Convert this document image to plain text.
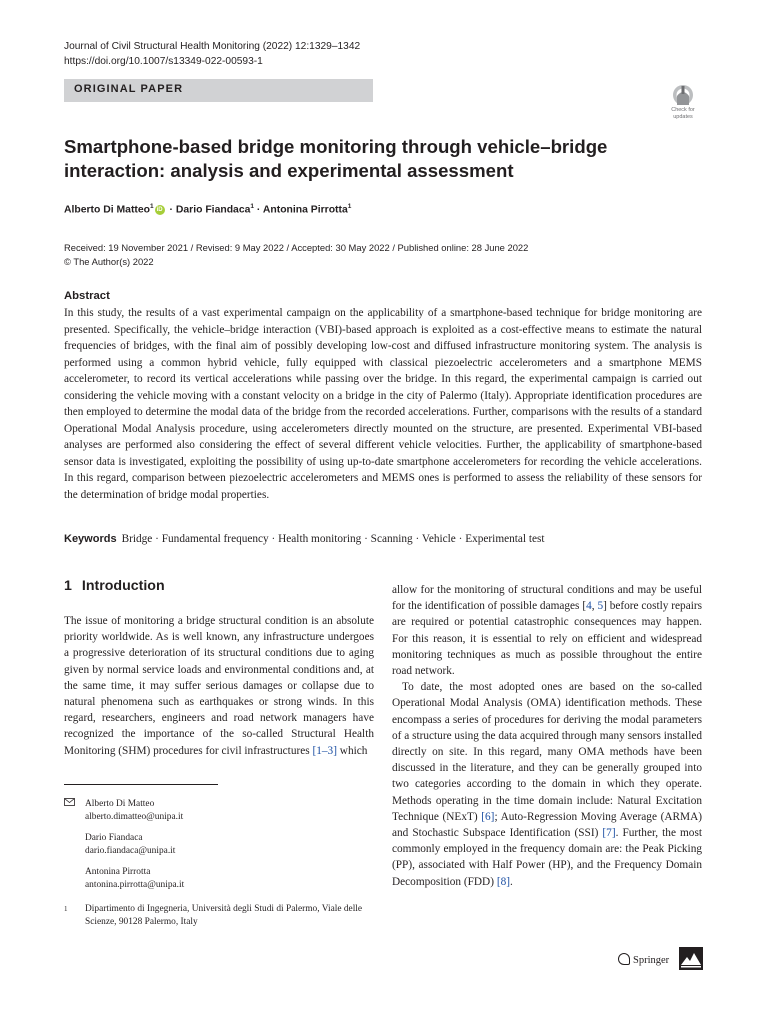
Journal of Civil Structural Health Monitoring (2022) 12:1329–1342
https://doi.org/10.1007/s13349-022-00593-1
ORIGINAL PAPER
Check for
updates
Smartphone-based bridge monitoring through vehicle–bridge
interaction: analysis and experimental assessment
Alberto Di Matteo$^1$iD · Dario Fiandaca$^1$ · Antonina Pirrotta$^1$
Received: 19 November 2021 / Revised: 9 May 2022 / Accepted: 30 May 2022 / Published online: 28 June 2022
© The Author(s) 2022
Abstract
In this study, the results of a vast experimental campaign on the applicability of a smartphone-based technique for bridge monitoring are presented. Specifically, the vehicle–bridge interaction (VBI)-based approach is exploited as a cost-effective means to estimate the natural frequencies of bridges, with the final aim of possibly developing low-cost and diffused infrastructure monitoring system. The analysis is performed using a common hybrid vehicle, fully equipped with classical piezoelectric accelerometers and a smartphone MEMS accelerometer, to record its vertical accelerations while passing over the bridge. In this regard, the experimental campaign is carried out considering the vehicle moving with a constant velocity on a bridge in the city of Palermo (Italy). Appropriate identification procedures are then employed to determine the modal data of the bridge from the recorded accelerations. Further, comparisons with the results of a standard Operational Modal Analysis procedure, using accelerometers directly mounted on the structure, are presented. Experimental VBI-based analyses are performed also considering the effect of several different vehicle velocities. Further, the applicability of smartphone-based sensor data is investigated, exploiting the possibility of using up-to-date smartphone accelerometers for recording the vehicle accelerations. In this regard, comparison between piezoelectric accelerometers and MEMS ones is performed to assess the reliability of these sensors for the determination of bridge modal properties.
Keywords Bridge · Fundamental frequency · Health monitoring · Scanning · Vehicle · Experimental test
1 Introduction

The issue of monitoring a bridge structural condition is an absolute priority worldwide. As is well known, any infrastructure undergoes a progressive deterioration of its structural conditions due to aging given by normal service loads and environmental conditions and, at the same time, it may suffer serious damages or collapse due to natural phenomena such as earthquakes or strong winds. In this regard, researchers, engineers and road network managers have recognized the importance of the so-called Structural Health Monitoring (SHM) procedures for civil infrastructures [1–3] which

allow for the monitoring of structural conditions and may be useful for the identification of possible damages [4, 5] before costly repairs are required or potential catastrophic consequences may happen. For this reason, it is essential to rely on efficient and widespread monitoring techniques as much as possible throughout the entire road network.

To date, the most adopted ones are based on the so-called Operational Modal Analysis (OMA) identification methods. These encompass a series of procedures for deriving the modal parameters of a structure using the data acquired through many sensors installed directly on site. In this regard, many OMA methods have been discussed in the literature, and they can be generally grouped into two categories according to the domain in which they operate. Methods operating in the time domain include: Natural Excitation Technique (NExT) [6]; Auto-Regression Moving Average (ARMA) and Stochastic Subspace Identification (SSI) [7]. Further, the most commonly employed in the frequency domain are: the Peak Picking (PP), associated with Half Power (HP), and the Frequency Domain Decomposition (FDD) [8].

Alberto Di Matteo
alberto.dimatteo@unipa.it
Dario Fiandaca
dario.fiandaca@unipa.it
Antonina Pirrotta
antonina.pirrotta@unipa.it
1 Dipartimento di Ingegneria, Università degli Studi di Palermo, Viale delle Scienze, 90128 Palermo, Italy
Springer
